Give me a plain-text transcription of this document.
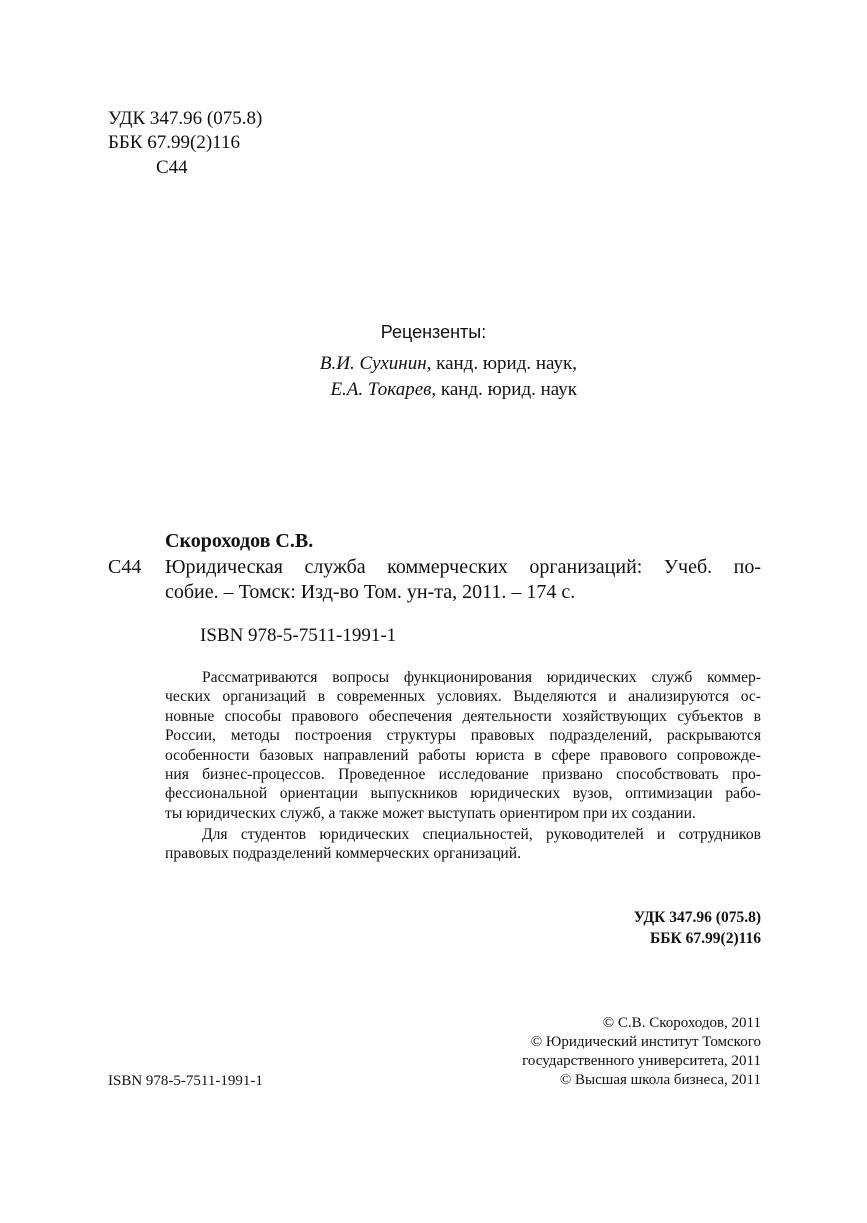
УДК 347.96 (075.8)
ББК 67.99(2)116
С44
Рецензенты:
В.И. Сухинин, канд. юрид. наук,
Е.А. Токарев, канд. юрид. наук
Скороходов С.В.
С44 Юридическая служба коммерческих организаций: Учеб. по-
собие. – Томск: Изд-во Том. ун-та, 2011. – 174 с.
ISBN 978-5-7511-1991-1
Рассматриваются вопросы функционирования юридических служб коммер-
ческих организаций в современных условиях. Выделяются и анализируются ос-
новные способы правового обеспечения деятельности хозяйствующих субъектов в
России, методы построения структуры правовых подразделений, раскрываются
особенности базовых направлений работы юриста в сфере правового сопровожде-
ния бизнес-процессов. Проведенное исследование призвано способствовать про-
фессиональной ориентации выпускников юридических вузов, оптимизации рабо-
ты юридических служб, а также может выступать ориентиром при их создании.
Для студентов юридических специальностей, руководителей и сотрудников
правовых подразделений коммерческих организаций.
УДК 347.96 (075.8)
ББК 67.99(2)116
© С.В. Скороходов, 2011
© Юридический институт Томского
государственного университета, 2011
© Высшая школа бизнеса, 2011
ISBN 978-5-7511-1991-1
